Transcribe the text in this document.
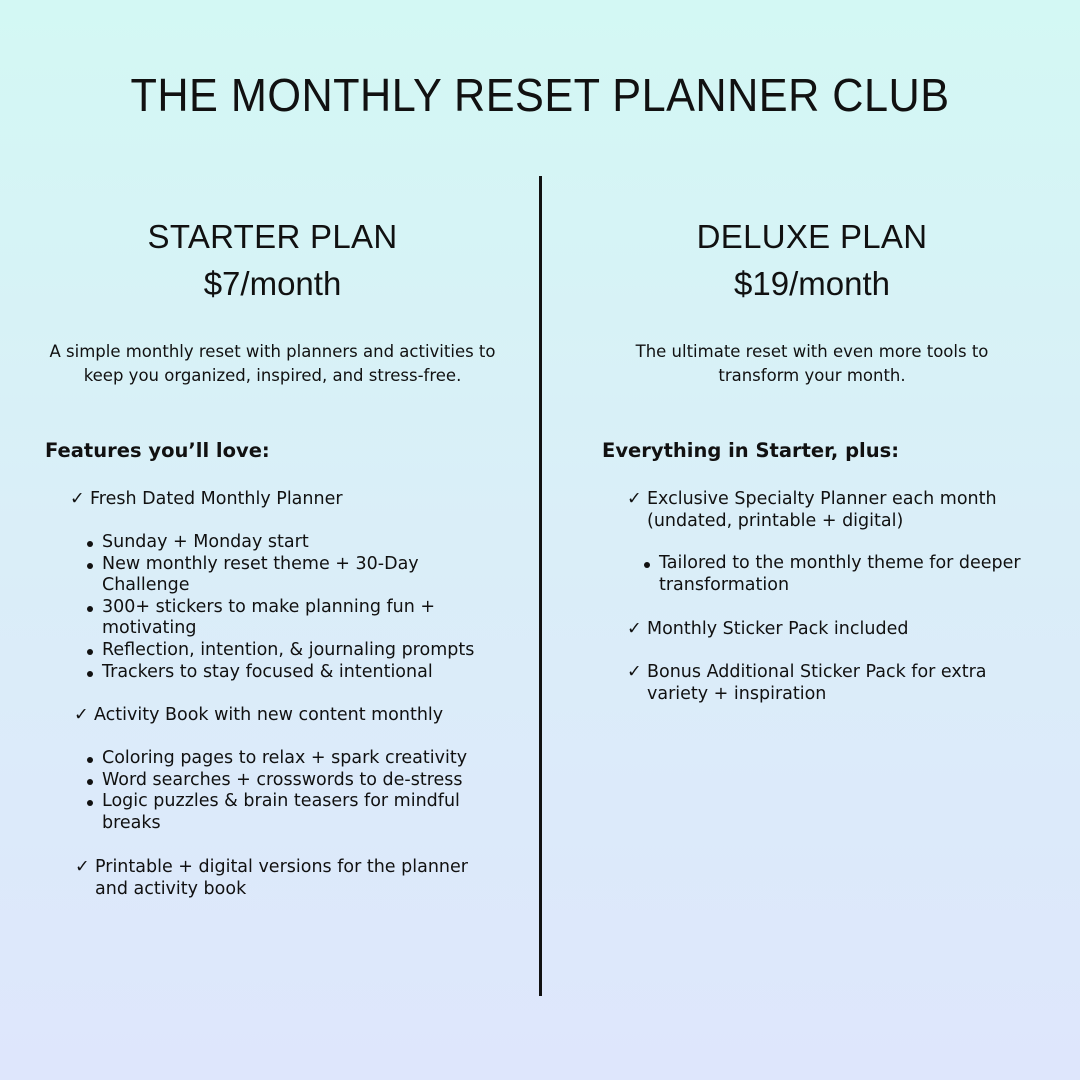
THE MONTHLY RESET PLANNER CLUB

STARTER PLAN

$7/month

A simple monthly reset with planners and activities to keep you organized, inspired, and stress-free.

Features you’ll love:

✓ Fresh Dated Monthly Planner
Sunday + Monday start
New monthly reset theme + 30-Day Challenge
300+ stickers to make planning fun + motivating
Reflection, intention, & journaling prompts
Trackers to stay focused & intentional
✓ Activity Book with new content monthly
Coloring pages to relax + spark creativity
Word searches + crosswords to de-stress
Logic puzzles & brain teasers for mindful breaks
✓ Printable + digital versions for the planner and activity book

DELUXE PLAN

$19/month

The ultimate reset with even more tools to transform your month.

Everything in Starter, plus:

✓ Exclusive Specialty Planner each month (undated, printable + digital)
Tailored to the monthly theme for deeper transformation
✓ Monthly Sticker Pack included
✓ Bonus Additional Sticker Pack for extra variety + inspiration
